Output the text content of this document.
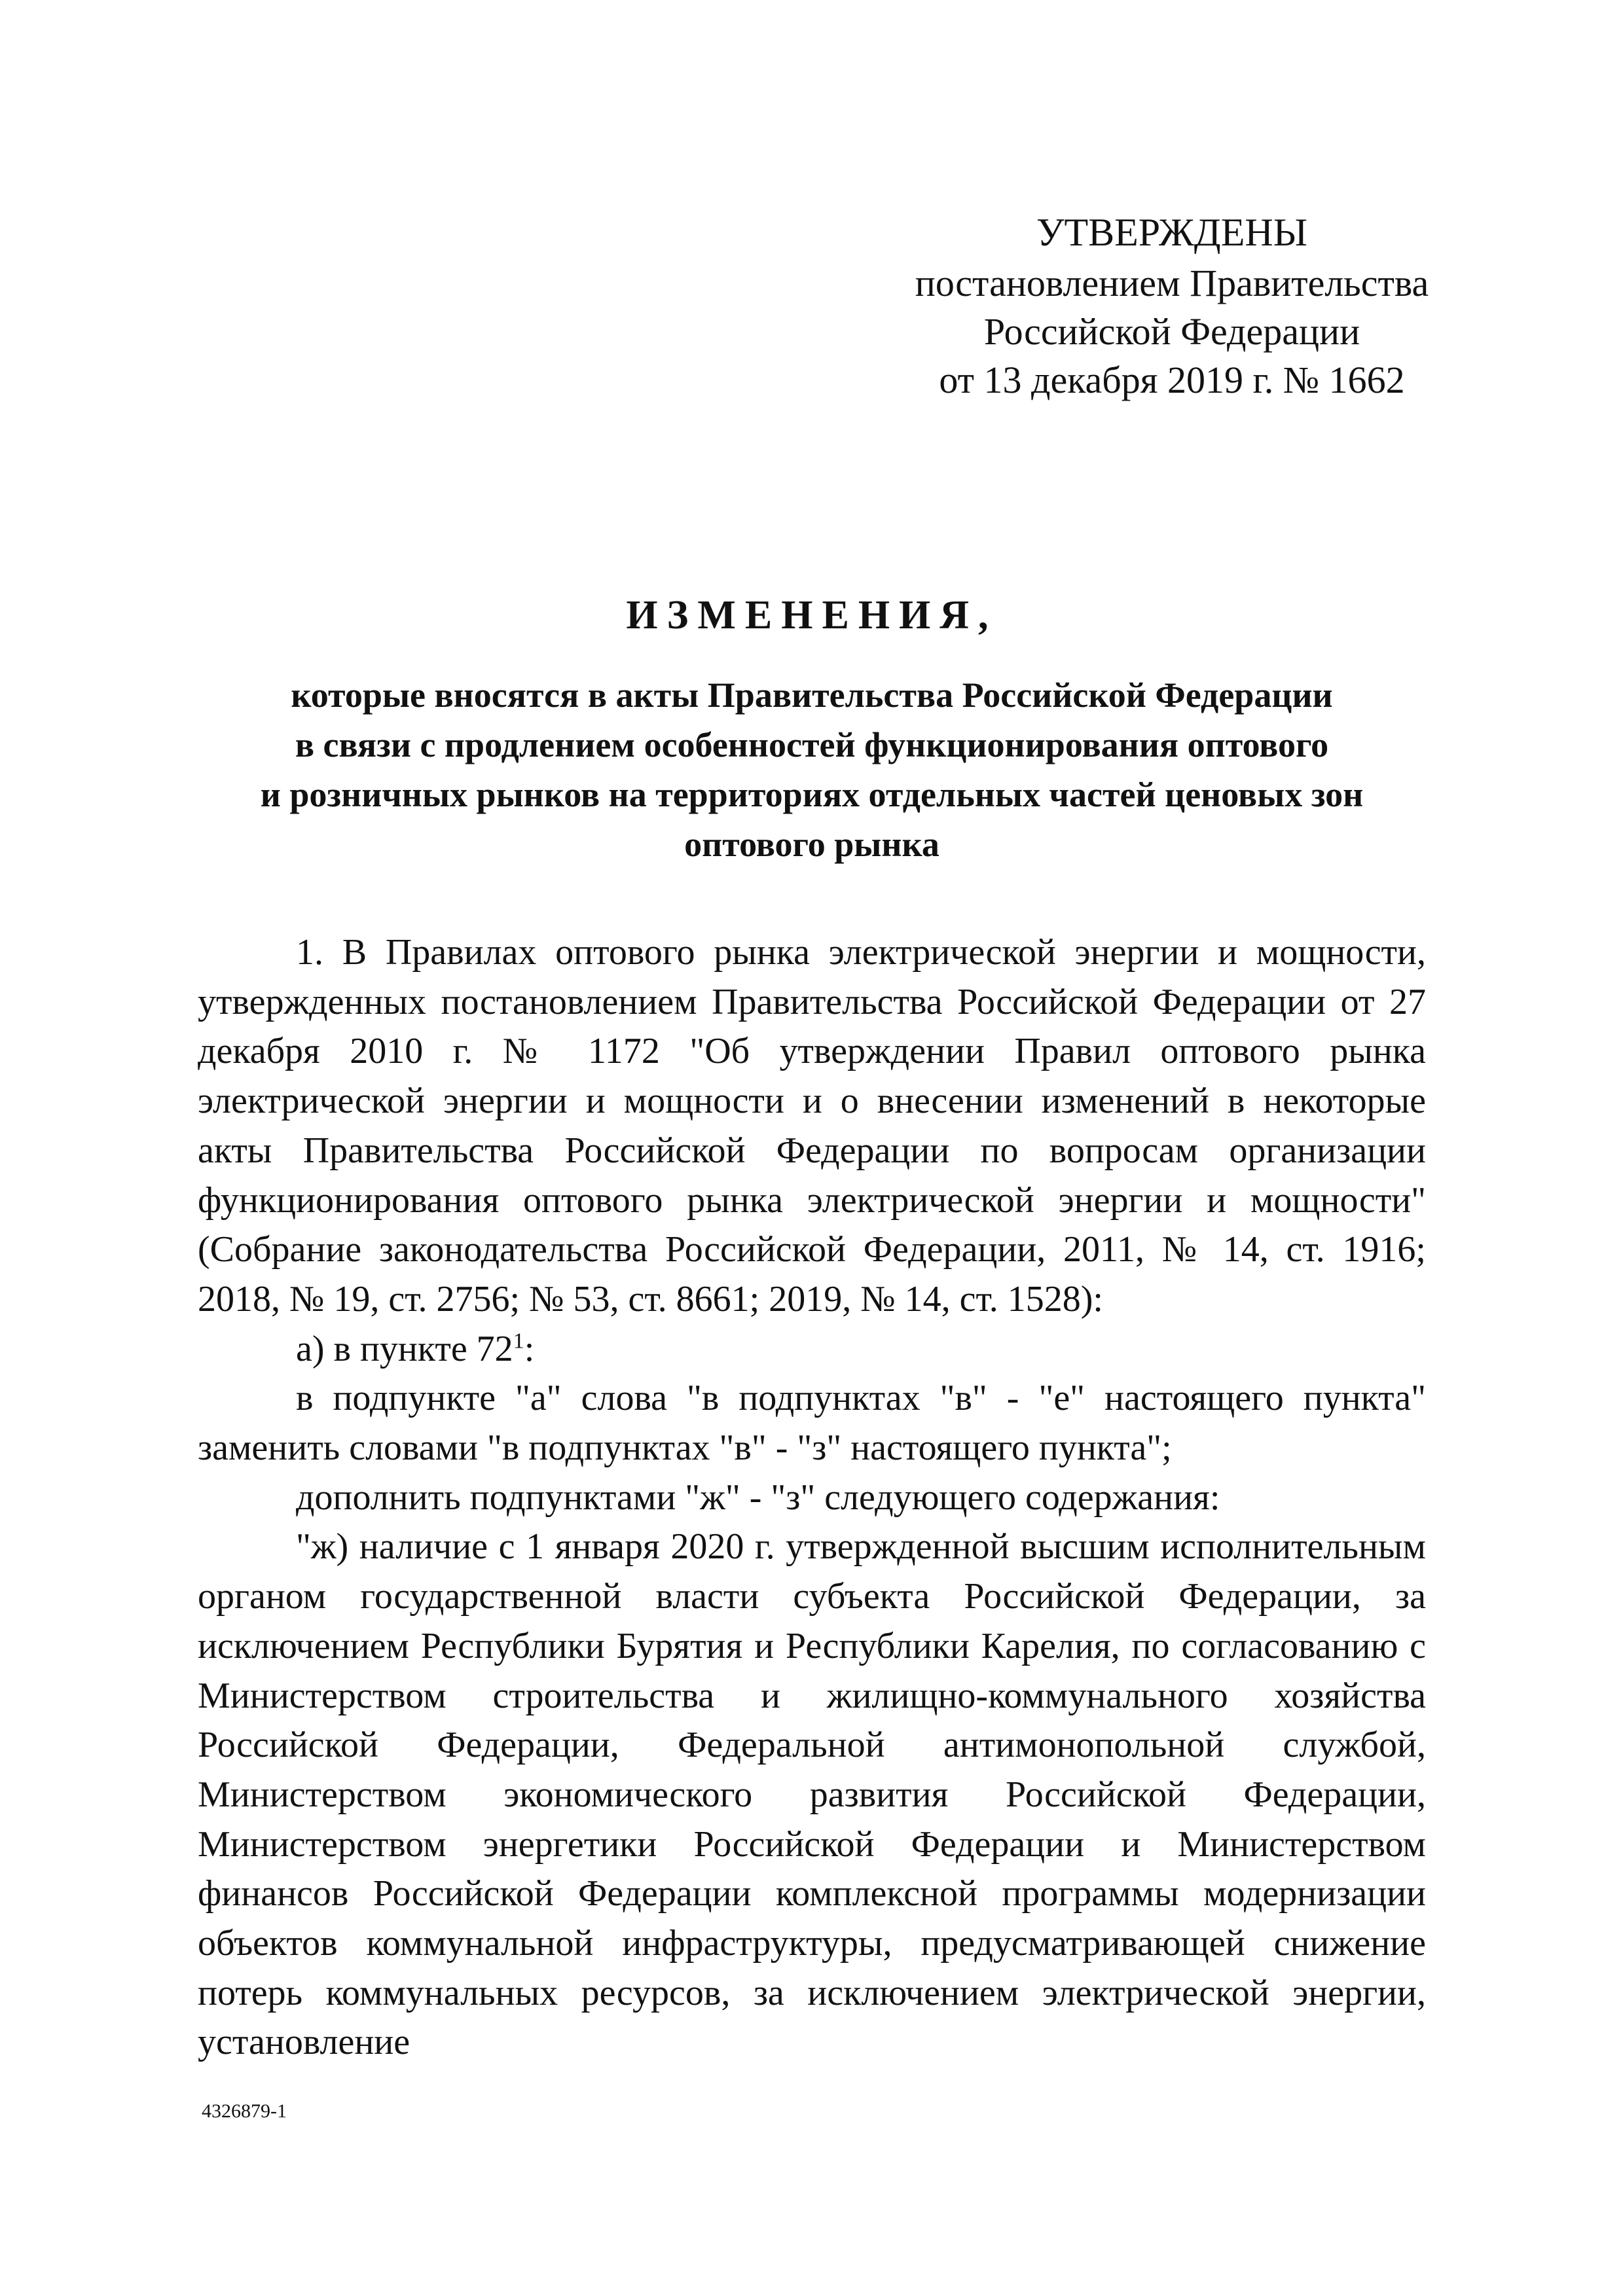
УТВЕРЖДЕНЫ
постановлением Правительства
Российской Федерации
от 13 декабря 2019 г. № 1662
ИЗМЕНЕНИЯ,
которые вносятся в акты Правительства Российской Федерации
в связи с продлением особенностей функционирования оптового
и розничных рынков на территориях отдельных частей ценовых зон
оптового рынка

1. В Правилах оптового рынка электрической энергии и мощности, утвержденных постановлением Правительства Российской Федерации от 27 декабря 2010 г. № 1172 "Об утверждении Правил оптового рынка электрической энергии и мощности и о внесении изменений в некоторые акты Правительства Российской Федерации по вопросам организации функционирования оптового рынка электрической энергии и мощности" (Собрание законодательства Российской Федерации, 2011, № 14, ст. 1916; 2018, № 19, ст. 2756; № 53, ст. 8661; 2019, № 14, ст. 1528):

а) в пункте $72^1$:

в подпункте "а" слова "в подпунктах "в" - "е" настоящего пункта" заменить словами "в подпунктах "в" - "з" настоящего пункта";

дополнить подпунктами "ж" - "з" следующего содержания:

"ж) наличие с 1 января 2020 г. утвержденной высшим исполнительным органом государственной власти субъекта Российской Федерации, за исключением Республики Бурятия и Республики Карелия, по согласованию с Министерством строительства и жилищно-коммунального хозяйства Российской Федерации, Федеральной антимонопольной службой, Министерством экономического развития Российской Федерации, Министерством энергетики Российской Федерации и Министерством финансов Российской Федерации комплексной программы модернизации объектов коммунальной инфраструктуры, предусматривающей снижение потерь коммунальных ресурсов, за исключением электрической энергии, установление

4326879-1
